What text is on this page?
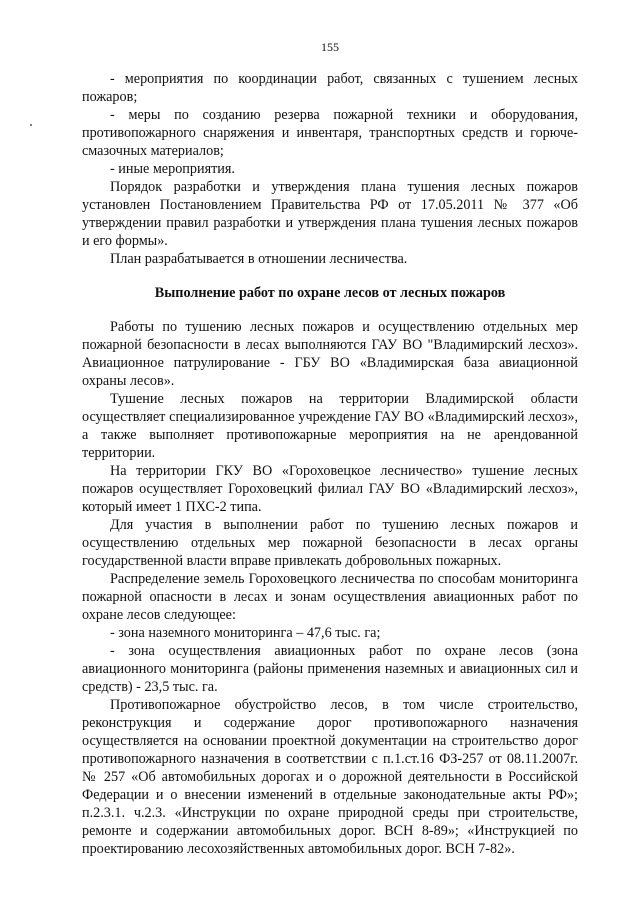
155

- мероприятия по координации работ, связанных с тушением лесных пожаров;

- меры по созданию резерва пожарной техники и оборудования, противопожарного снаряжения и инвентаря, транспортных средств и горюче-смазочных материалов;

- иные мероприятия.

Порядок разработки и утверждения плана тушения лесных пожаров установлен Постановлением Правительства РФ от 17.05.2011 № 377 «Об утверждении правил разработки и утверждения плана тушения лесных пожаров и его формы».

План разрабатывается в отношении лесничества.

Выполнение работ по охране лесов от лесных пожаров

Работы по тушению лесных пожаров и осуществлению отдельных мер пожарной безопасности в лесах выполняются ГАУ ВО "Владимирский лесхоз». Авиационное патрулирование - ГБУ ВО «Владимирская база авиационной охраны лесов».

Тушение лесных пожаров на территории Владимирской области осуществляет специализированное учреждение ГАУ ВО «Владимирский лесхоз», а также выполняет противопожарные мероприятия на не арендованной территории.

На территории ГКУ ВО «Гороховецкое лесничество» тушение лесных пожаров осуществляет Гороховецкий филиал ГАУ ВО «Владимирский лесхоз», который имеет 1 ПХС-2 типа.

Для участия в выполнении работ по тушению лесных пожаров и осуществлению отдельных мер пожарной безопасности в лесах органы государственной власти вправе привлекать добровольных пожарных.

Распределение земель Гороховецкого лесничества по способам мониторинга пожарной опасности в лесах и зонам осуществления авиационных работ по охране лесов следующее:

- зона наземного мониторинга – 47,6 тыс. га;

- зона осуществления авиационных работ по охране лесов (зона авиационного мониторинга (районы применения наземных и авиационных сил и средств) - 23,5 тыс. га.

Противопожарное обустройство лесов, в том числе строительство, реконструкция и содержание дорог противопожарного назначения осуществляется на основании проектной документации на строительство дорог противопожарного назначения в соответствии с п.1.ст.16 ФЗ-257 от 08.11.2007г. № 257 «Об автомобильных дорогах и о дорожной деятельности в Российской Федерации и о внесении изменений в отдельные законодательные акты РФ»; п.2.3.1. ч.2.3. «Инструкции по охране природной среды при строительстве, ремонте и содержании автомобильных дорог. ВСН 8-89»; «Инструкцией по проектированию лесохозяйственных автомобильных дорог. ВСН 7-82».
